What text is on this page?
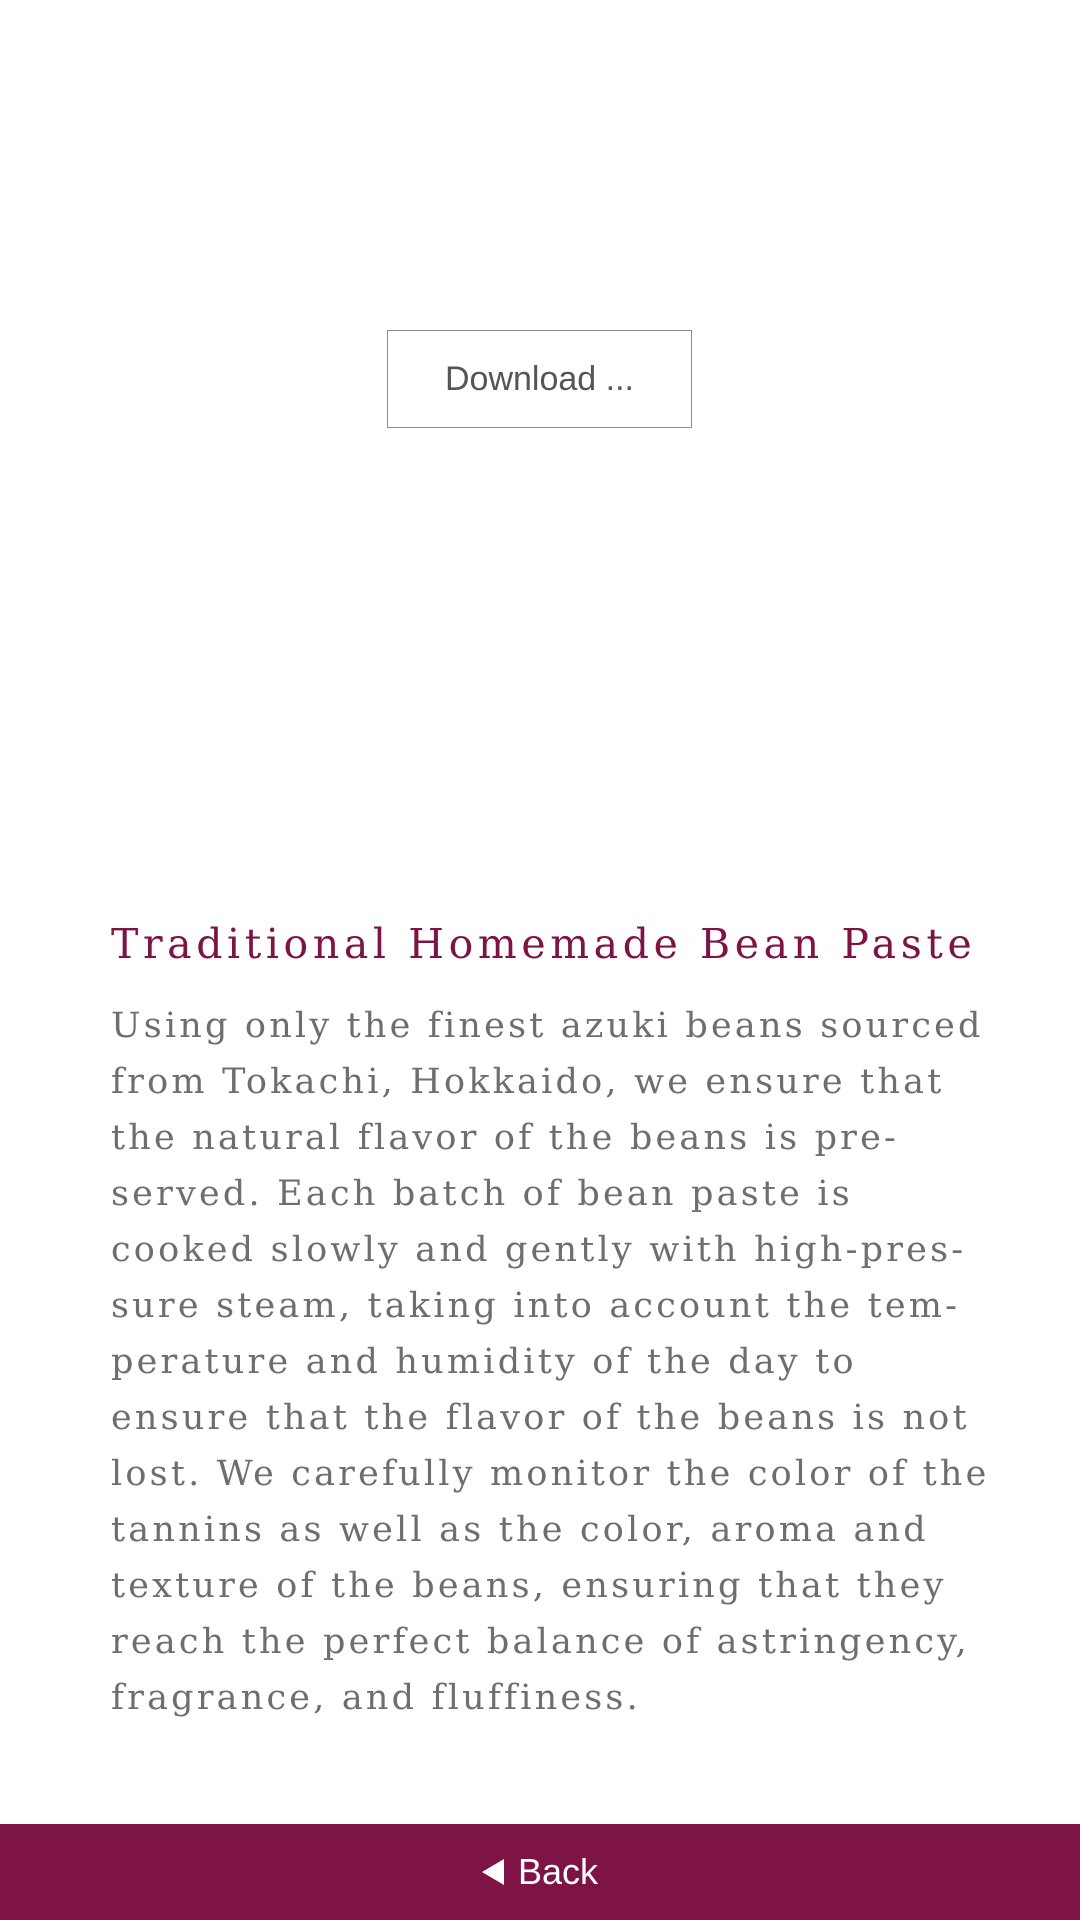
Download ...
Traditional Homemade Bean Paste

Using only the finest azuki beans sourced
from Tokachi, Hokkaido, we ensure that
the natural flavor of the beans is pre-
served. Each batch of bean paste is
cooked slowly and gently with high-pres-
sure steam, taking into account the tem-
perature and humidity of the day to
ensure that the flavor of the beans is not
lost. We carefully monitor the color of the
tannins as well as the color, aroma and
texture of the beans, ensuring that they
reach the perfect balance of astringency,
fragrance, and fluffiness.

Back
